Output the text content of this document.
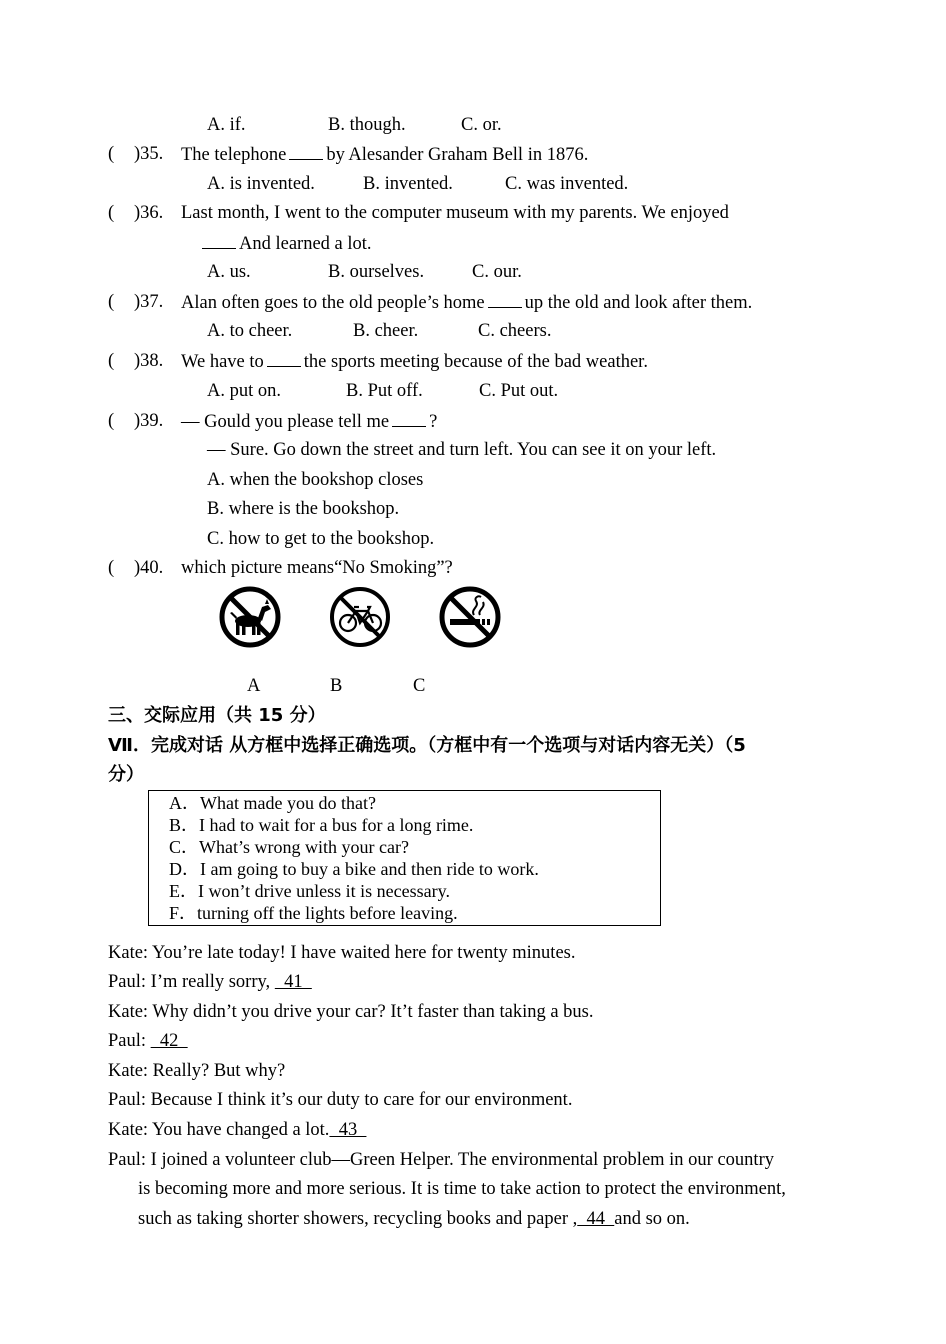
A. if.	B. though.	C. or.
( )35. The telephone by Alesander Graham Bell in 1876.
A. is invented.	B. invented.	C. was invented.
( )36. Last month, I went to the computer museum with my parents. We enjoyed
And learned a lot.
A. us.	B. ourselves.	C. our.
( )37. Alan often goes to the old people’s home up the old and look after them.
A. to cheer.	B. cheer.	C. cheers.
( )38. We have to the sports meeting because of the bad weather.
A. put on.	B. Put off.	C. Put out.
( )39. — Gould you please tell me ?
— Sure. Go down the street and turn left. You can see it on your left.
A. when the bookshop closes
B. where is the bookshop.
C. how to get to the bookshop.
( )40. which picture means“No Smoking”?
A	B	C
三、交际应用（共 15 分）
Ⅶ．完成对话 从方框中选择正确选项。（方框中有一个选项与对话内容无关）（5
分）
A．What made you do that?
B．I had to wait for a bus for a long rime.
C．What’s wrong with your car?
D．I am going to buy a bike and then ride to work.
E．I won’t drive unless it is necessary.
F．turning off the lights before leaving.
Kate: You’re late today! I have waited here for twenty minutes.
Paul: I’m really sorry,   41
Kate: Why didn’t you drive your car? It’t faster than taking a bus.
Paul:   42
Kate: Really? But why?
Paul: Because I think it’s our duty to care for our environment.
Kate: You have changed a lot.  43
Paul: I joined a volunteer club—Green Helper. The environmental problem in our country
is becoming more and more serious. It is time to take action to protect the environment,
such as taking shorter showers, recycling books and paper ,  44  and so on.
